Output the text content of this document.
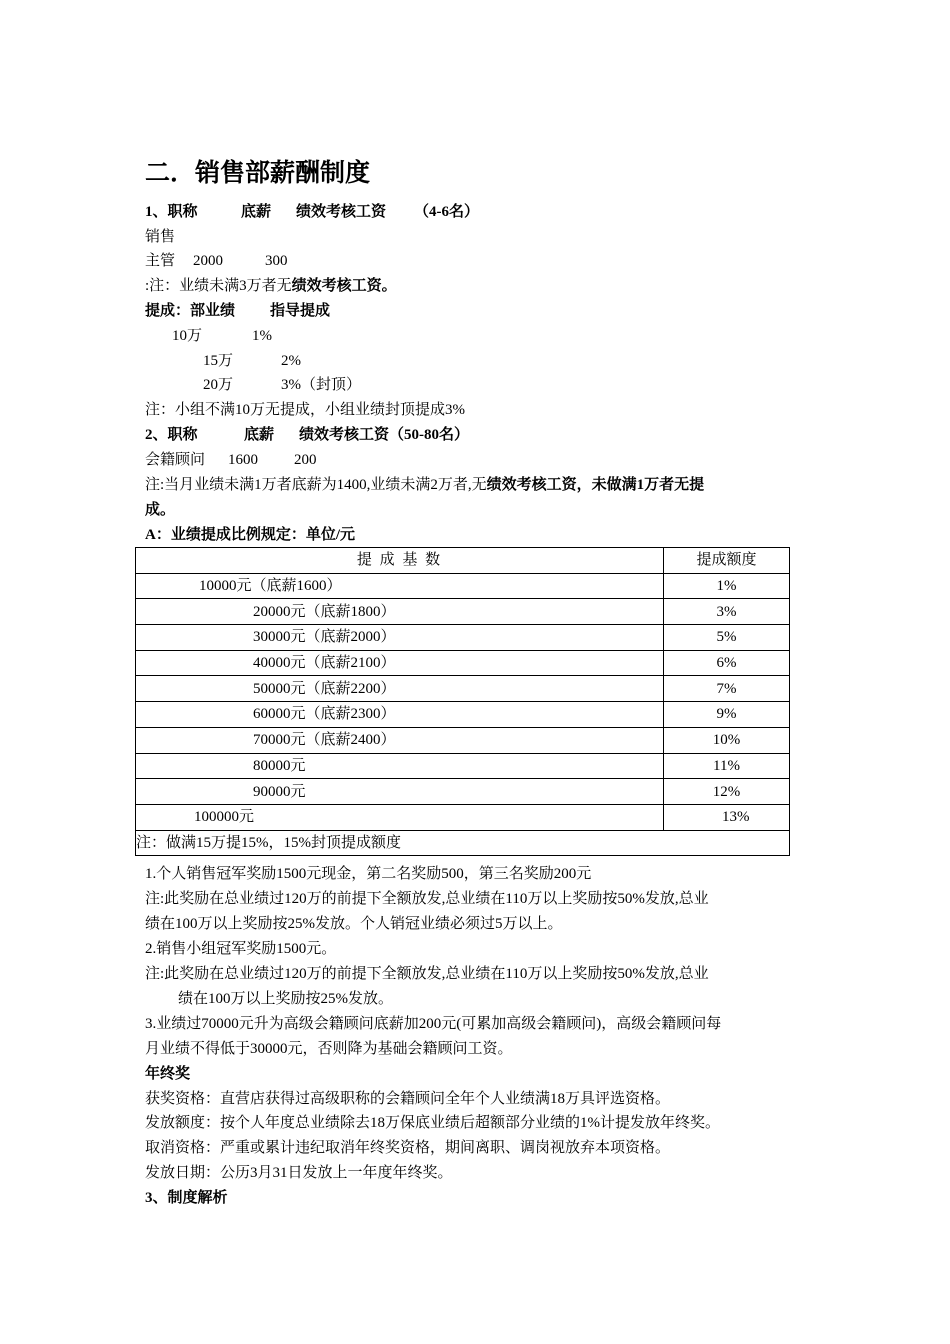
二．销售部薪酬制度
1、职称	底薪 绩效考核工资 （4-6名）
销售
主管 2000	300
:注：业绩未满3万者无绩效考核工资。
提成：部业绩 指导提成
10万	1%
15万	2%
20万	3%（封顶）
注：小组不满10万无提成，小组业绩封顶提成3%
2、职称	底薪 绩效考核工资（50-80名）
会籍顾问 1600 200
注:当月业绩未满1万者底薪为1400,业绩未满2万者,无绩效考核工资，未做满1万者无提
成。
A：业绩提成比例规定：单位/元
提 成 基 数	提成额度
10000元（底薪1600）	1%
20000元（底薪1800）	3%
30000元（底薪2000）	5%
40000元（底薪2100）	6%
50000元（底薪2200）	7%
60000元（底薪2300）	9%
70000元（底薪2400）	10%
80000元	11%
90000元	12%
100000元	13%
注：做满15万提15%，15%封顶提成额度	
1.个人销售冠军奖励1500元现金，第二名奖励500，第三名奖励200元
注:此奖励在总业绩过120万的前提下全额放发,总业绩在110万以上奖励按50%发放,总业
绩在100万以上奖励按25%发放。个人销冠业绩必须过5万以上。
2.销售小组冠军奖励1500元。
注:此奖励在总业绩过120万的前提下全额放发,总业绩在110万以上奖励按50%发放,总业
绩在100万以上奖励按25%发放。
3.业绩过70000元升为高级会籍顾问底薪加200元(可累加高级会籍顾问)，高级会籍顾问每
月业绩不得低于30000元，否则降为基础会籍顾问工资。
年终奖
获奖资格：直营店获得过高级职称的会籍顾问全年个人业绩满18万具评选资格。
发放额度：按个人年度总业绩除去18万保底业绩后超额部分业绩的1%计提发放年终奖。
取消资格：严重或累计违纪取消年终奖资格，期间离职、调岗视放弃本项资格。
发放日期：公历3月31日发放上一年度年终奖。
3、制度解析
